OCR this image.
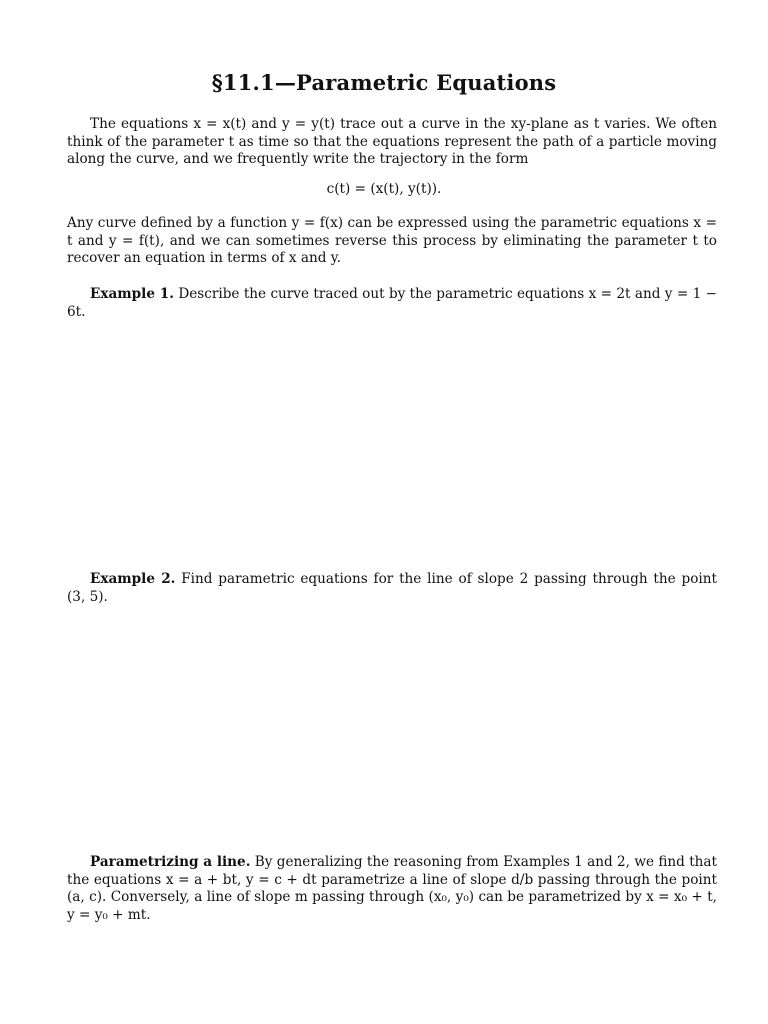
§11.1—Parametric Equations
The equations x = x(t) and y = y(t) trace out a curve in the xy-plane as t varies. We often think of the parameter t as time so that the equations represent the path of a particle moving along the curve, and we frequently write the trajectory in the form
c(t) = (x(t), y(t)).
Any curve defined by a function y = f(x) can be expressed using the parametric equations x = t and y = f(t), and we can sometimes reverse this process by eliminating the parameter t to recover an equation in terms of x and y.
Example 1. Describe the curve traced out by the parametric equations x = 2t and y = 1 − 6t.
Example 2. Find parametric equations for the line of slope 2 passing through the point (3, 5).
Parametrizing a line. By generalizing the reasoning from Examples 1 and 2, we find that the equations x = a + bt, y = c + dt parametrize a line of slope d/b passing through the point (a, c). Conversely, a line of slope m passing through (x₀, y₀) can be parametrized by x = x₀ + t, y = y₀ + mt.
